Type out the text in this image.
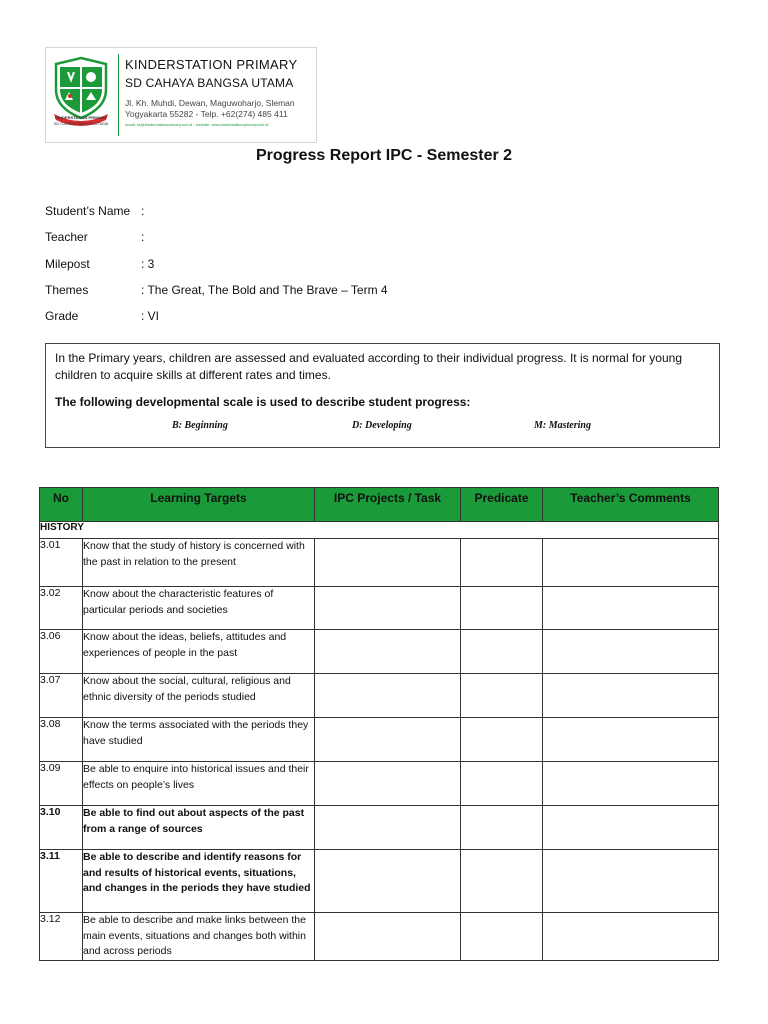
KINDERSTATION PRIMARY
SD CAHAYA BANGSA UTAMA
KINDERSTATION PRIMARY
SD CAHAYA BANGSA UTAMA
Jl. Kh. Muhdi, Dewan, Maguwoharjo, Sleman
Yogyakarta 55282 - Telp. +62(274) 485 411
email: ks@kinderstationprimary.sch.id · website: www.kinderstationprimary.sch.id
Progress Report IPC - Semester 2
Student’s Name :
Teacher	:
Milepost	: 3
Themes	: The Great, The Bold and The Brave – Term 4
Grade	: VI
In the Primary years, children are assessed and evaluated according to their individual progress. It is normal for young children to acquire skills at different rates and times.
The following developmental scale is used to describe student progress:
B: Beginning	D: Developing	M: Mastering
No	Learning Targets	IPC Projects / Task	Predicate	Teacher’s Comments
HISTORY				
3.01	Know that the study of history is concerned with the past in relation to the present			
3.02	Know about the characteristic features of particular periods and societies			
3.06	Know about the ideas, beliefs, attitudes and experiences of people in the past			
3.07	Know about the social, cultural, religious and ethnic diversity of the periods studied			
3.08	Know the terms associated with the periods they have studied			
3.09	Be able to enquire into historical issues and their effects on people’s lives			
3.10	Be able to find out about aspects of the past from a range of sources			
3.11	Be able to describe and identify reasons for and results of historical events, situations, and changes in the periods they have studied			
3.12	Be able to describe and make links between the main events, situations and changes both within and across periods			
